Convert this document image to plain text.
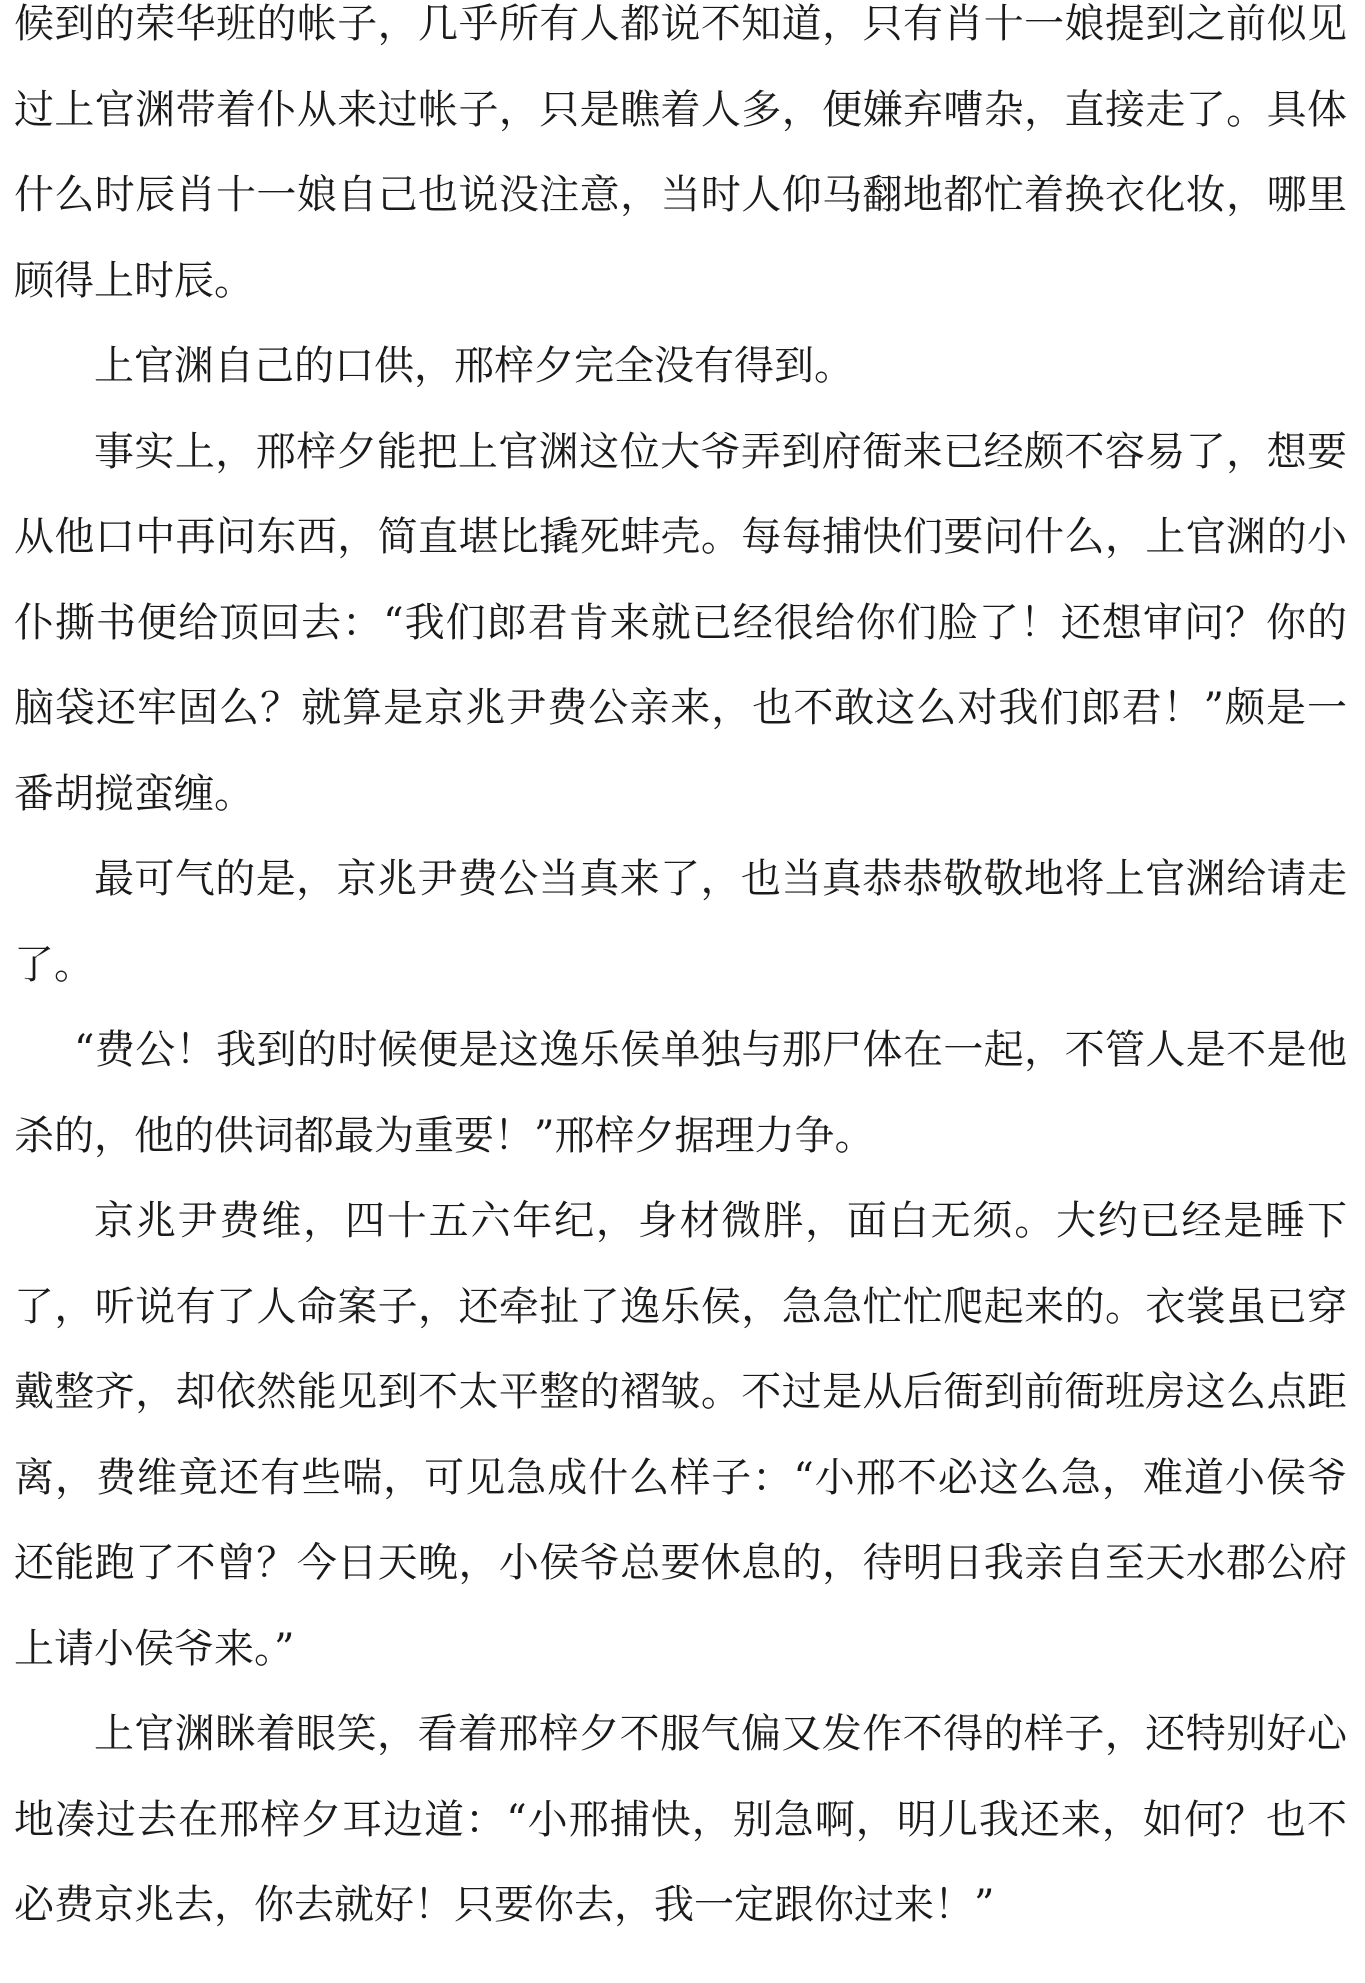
候到的荣华班的帐子，几乎所有人都说不知道，只有肖十一娘提到之前似见过上官渊带着仆从来过帐子，只是瞧着人多，便嫌弃嘈杂，直接走了。具体什么时辰肖十一娘自己也说没注意，当时人仰马翻地都忙着换衣化妆，哪里顾得上时辰。

上官渊自己的口供，邢梓夕完全没有得到。

事实上，邢梓夕能把上官渊这位大爷弄到府衙来已经颇不容易了，想要从他口中再问东西，简直堪比撬死蚌壳。每每捕快们要问什么，上官渊的小仆撕书便给顶回去：“我们郎君肯来就已经很给你们脸了！还想审问？你的脑袋还牢固么？就算是京兆尹费公亲来，也不敢这么对我们郎君！”颇是一番胡搅蛮缠。

最可气的是，京兆尹费公当真来了，也当真恭恭敬敬地将上官渊给请走了。

“费公！我到的时候便是这逸乐侯单独与那尸体在一起，不管人是不是他杀的，他的供词都最为重要！”邢梓夕据理力争。

京兆尹费维，四十五六年纪，身材微胖，面白无须。大约已经是睡下了，听说有了人命案子，还牵扯了逸乐侯，急急忙忙爬起来的。衣裳虽已穿戴整齐，却依然能见到不太平整的褶皱。不过是从后衙到前衙班房这么点距离，费维竟还有些喘，可见急成什么样子：“小邢不必这么急，难道小侯爷还能跑了不曾？今日天晚，小侯爷总要休息的，待明日我亲自至天水郡公府上请小侯爷来。”

上官渊眯着眼笑，看着邢梓夕不服气偏又发作不得的样子，还特别好心地凑过去在邢梓夕耳边道：“小邢捕快，别急啊，明儿我还来，如何？也不必费京兆去，你去就好！只要你去，我一定跟你过来！”
